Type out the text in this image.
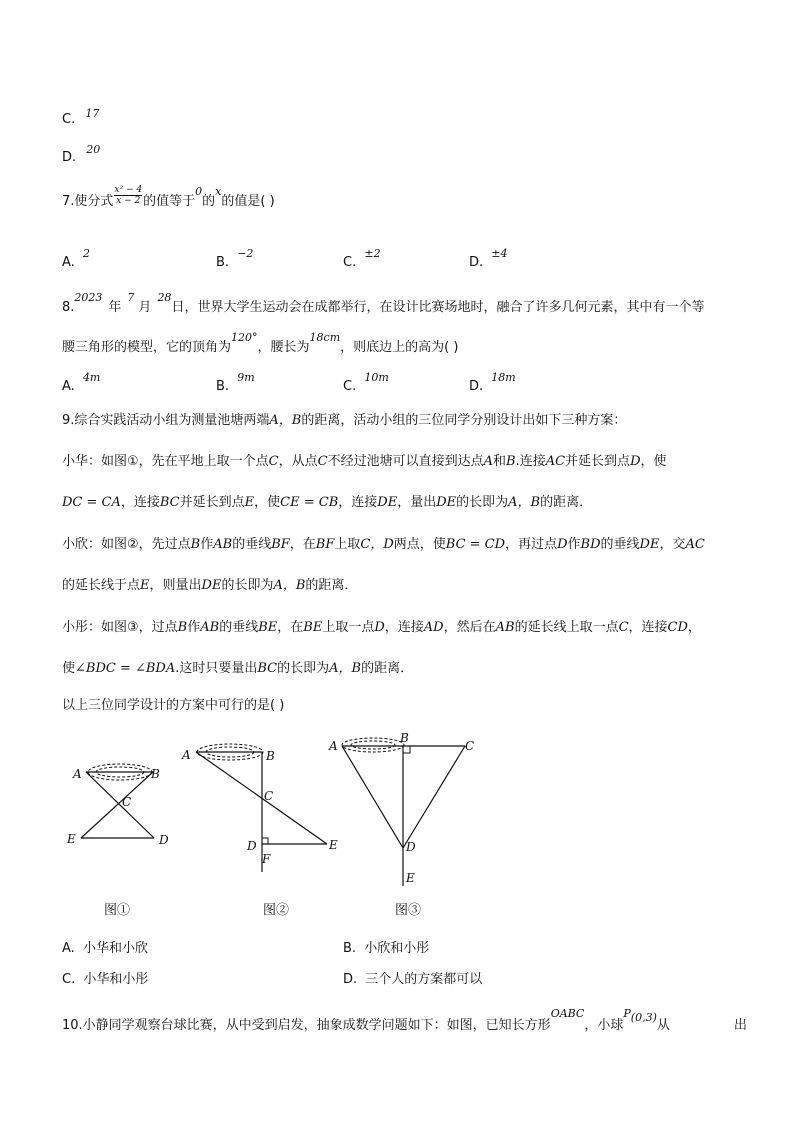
C. 17
D. 20
7.使分式 $\frac{\text{x² − 4}}{x - 2}$ 的值等于$^0$的$^x$的值是( )
A. 2
B. −2
C. ±2
D. ±4
8.2023年7月28日，世界大学生运动会在成都举行，在设计比赛场地时，融合了许多几何元素，其中有一个等
腰三角形的模型，它的顶角为120°，腰长为18cm，则底边上的高为( )
A. 4m
B. 9m
C. 10m
D. 18m
9.综合实践活动小组为测量池塘两端A，B的距离，活动小组的三位同学分别设计出如下三种方案：
小华：如图①，先在平地上取一个点C，从点C不经过池塘可以直接到达点A和B.连接AC并延长到点D，使
DC = CA，连接BC并延长到点E，使CE = CB，连接DE，量出DE的长即为A，B的距离．
小欣：如图②，先过点B作AB的垂线BF，在BF上取C，D两点，使BC = CD，再过点D作BD的垂线DE，交AC
的延长线于点E，则量出DE的长即为A，B的距离．
小彤：如图③，过点B作AB的垂线BE，在BE上取一点D，连接AD，然后在AB的延长线上取一点C，连接CD，
使∠BDC = ∠BDA.这时只要量出BC的长即为A，B的距离．
以上三位同学设计的方案中可行的是( )
A	B
C
E	D
图①
A	B
C
D
F
E
图②
A
B
C
D
E
图③
A. 小华和小欣	B. 小欣和小彤
C. 小华和小彤	D. 三个人的方案都可以
10.小静同学观察台球比赛，从中受到启发，抽象成数学问题如下：如图，已知长方形OABC，小球$P_{(0,3)}$从	出
